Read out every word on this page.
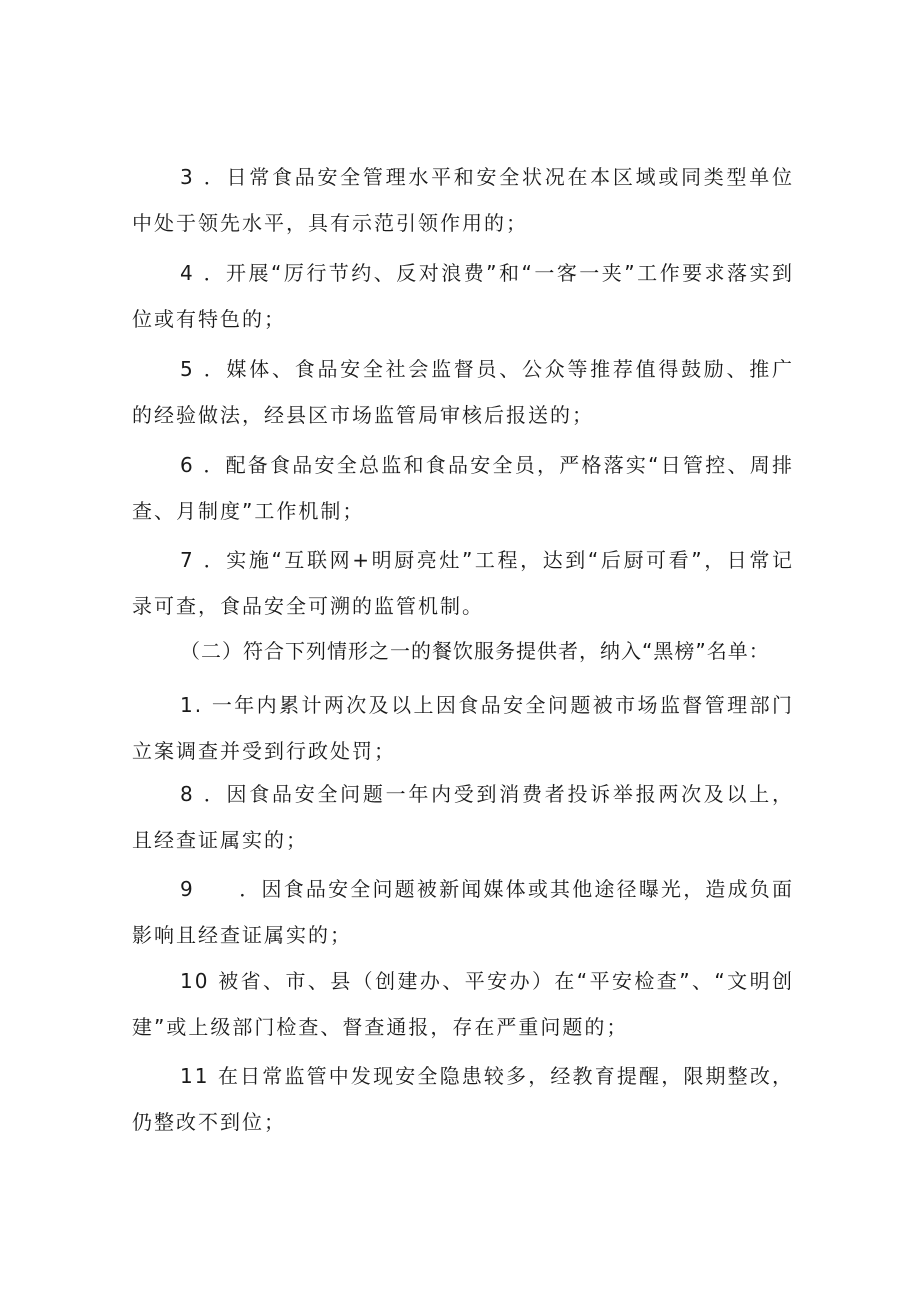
3 ．日常食品安全管理水平和安全状况在本区域或同类型单位中处于领先水平，具有示范引领作用的；

4 ．开展“厉行节约、反对浪费”和“一客一夹”工作要求落实到位或有特色的；

5 ．媒体、食品安全社会监督员、公众等推荐值得鼓励、推广的经验做法，经县区市场监管局审核后报送的；

6 ．配备食品安全总监和食品安全员，严格落实“日管控、周排查、月制度”工作机制；

7 ．实施“互联网+明厨亮灶”工程，达到“后厨可看”，日常记录可查，食品安全可溯的监管机制。

（二）符合下列情形之一的餐饮服务提供者，纳入“黑榜”名单：

1. 一年内累计两次及以上因食品安全问题被市场监督管理部门立案调查并受到行政处罚；

8 ．因食品安全问题一年内受到消费者投诉举报两次及以上，且经查证属实的；

9　　．因食品安全问题被新闻媒体或其他途径曝光，造成负面影响且经查证属实的；

10 被省、市、县（创建办、平安办）在“平安检查”、“文明创建”或上级部门检查、督查通报，存在严重问题的；

11 在日常监管中发现安全隐患较多，经教育提醒，限期整改，仍整改不到位；
